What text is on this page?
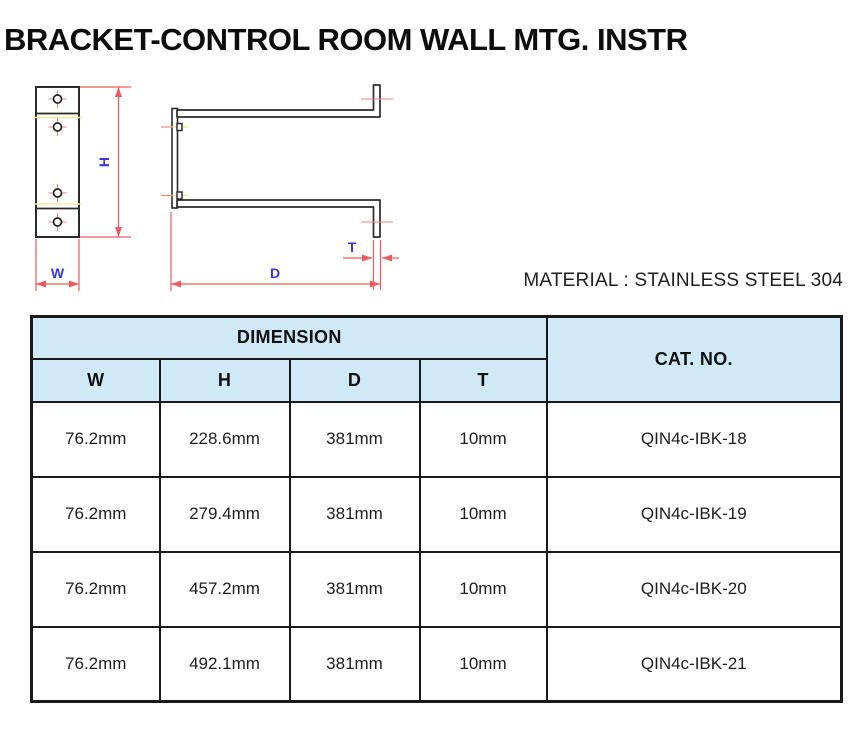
BRACKET-CONTROL ROOM WALL MTG. INSTR
H
W
T
D	MATERIAL : STAINLESS STEEL 304
DIMENSION				CAT. NO.
W	H	D	T	
76.2mm	228.6mm	381mm	10mm	QIN4c-IBK-18
76.2mm	279.4mm	381mm	10mm	QIN4c-IBK-19
76.2mm	457.2mm	381mm	10mm	QIN4c-IBK-20
76.2mm	492.1mm	381mm	10mm	QIN4c-IBK-21
